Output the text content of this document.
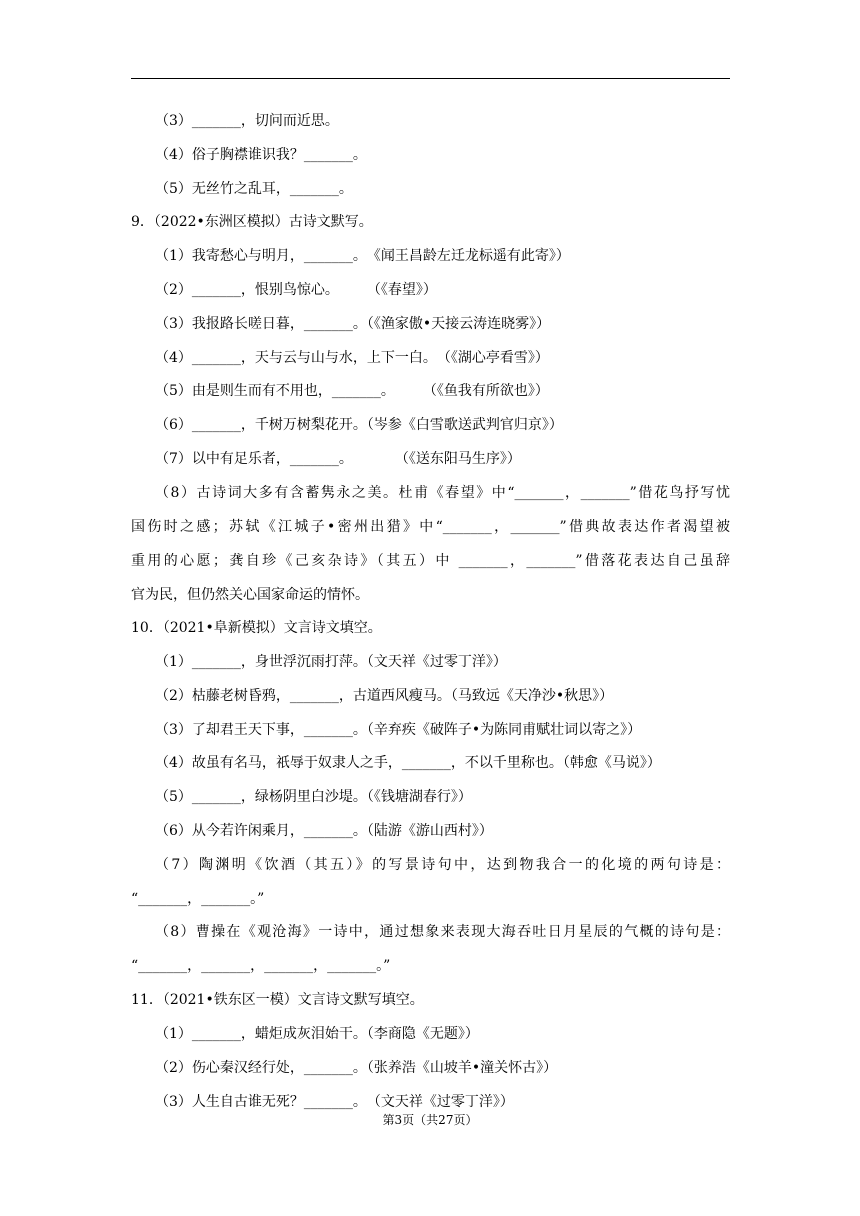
（3）_______，切问而近思。
（4）俗子胸襟谁识我？_______。
（5）无丝竹之乱耳，_______。
9．（2022•东洲区模拟）古诗文默写。
（1）我寄愁心与明月，_______。　《闻王昌龄左迁龙标遥有此寄》）
（2）_______，恨别鸟惊心。　　　（《春望》）
（3）我报路长嗟日暮，_______。（《渔家傲•天接云涛连晓雾》）
（4）_______，天与云与山与水，上下一白。　（《湖心亭看雪》）
（5）由是则生而有不用也，_______。　　　（《鱼我有所欲也》）
（6）_______，千树万树梨花开。（岑参《白雪歌送武判官归京》）
（7）以中有足乐者，_______。　　　　（《送东阳马生序》）
（8）古诗词大多有含蓄隽永之美。杜甫《春望》中“_______，_______”借花鸟抒写忧
国伤时之感；苏轼《江城子•密州出猎》中“_______，_______”借典故表达作者渴望被
重用的心愿；龚自珍《己亥杂诗》（其五）中 _______，_______”借落花表达自己虽辞
官为民，但仍然关心国家命运的情怀。
10．（2021•阜新模拟）文言诗文填空。
（1）_______，身世浮沉雨打萍。（文天祥《过零丁洋》）
（2）枯藤老树昏鸦，_______，古道西风瘦马。（马致远《天净沙•秋思》）
（3）了却君王天下事，_______。（辛弃疾《破阵子•为陈同甫赋壮词以寄之》）
（4）故虽有名马，祇辱于奴隶人之手，_______，不以千里称也。（韩愈《马说》）
（5）_______，绿杨阴里白沙堤。（《钱塘湖春行》）
（6）从今若许闲乘月，_______。（陆游《游山西村》）
（7）陶渊明《饮酒（其五）》的写景诗句中，达到物我合一的化境的两句诗是：
“_______，_______。”
（8）曹操在《观沧海》一诗中，通过想象来表现大海吞吐日月星辰的气概的诗句是：
“_______，_______，_______，_______。”
11．（2021•铁东区一模）文言诗文默写填空。
（1）_______，蜡炬成灰泪始干。（李商隐《无题》）
（2）伤心秦汉经行处，_______。（张养浩《山坡羊•潼关怀古》）
（3）人生自古谁无死？_______。　（文天祥《过零丁洋》）
第3页（共27页）
